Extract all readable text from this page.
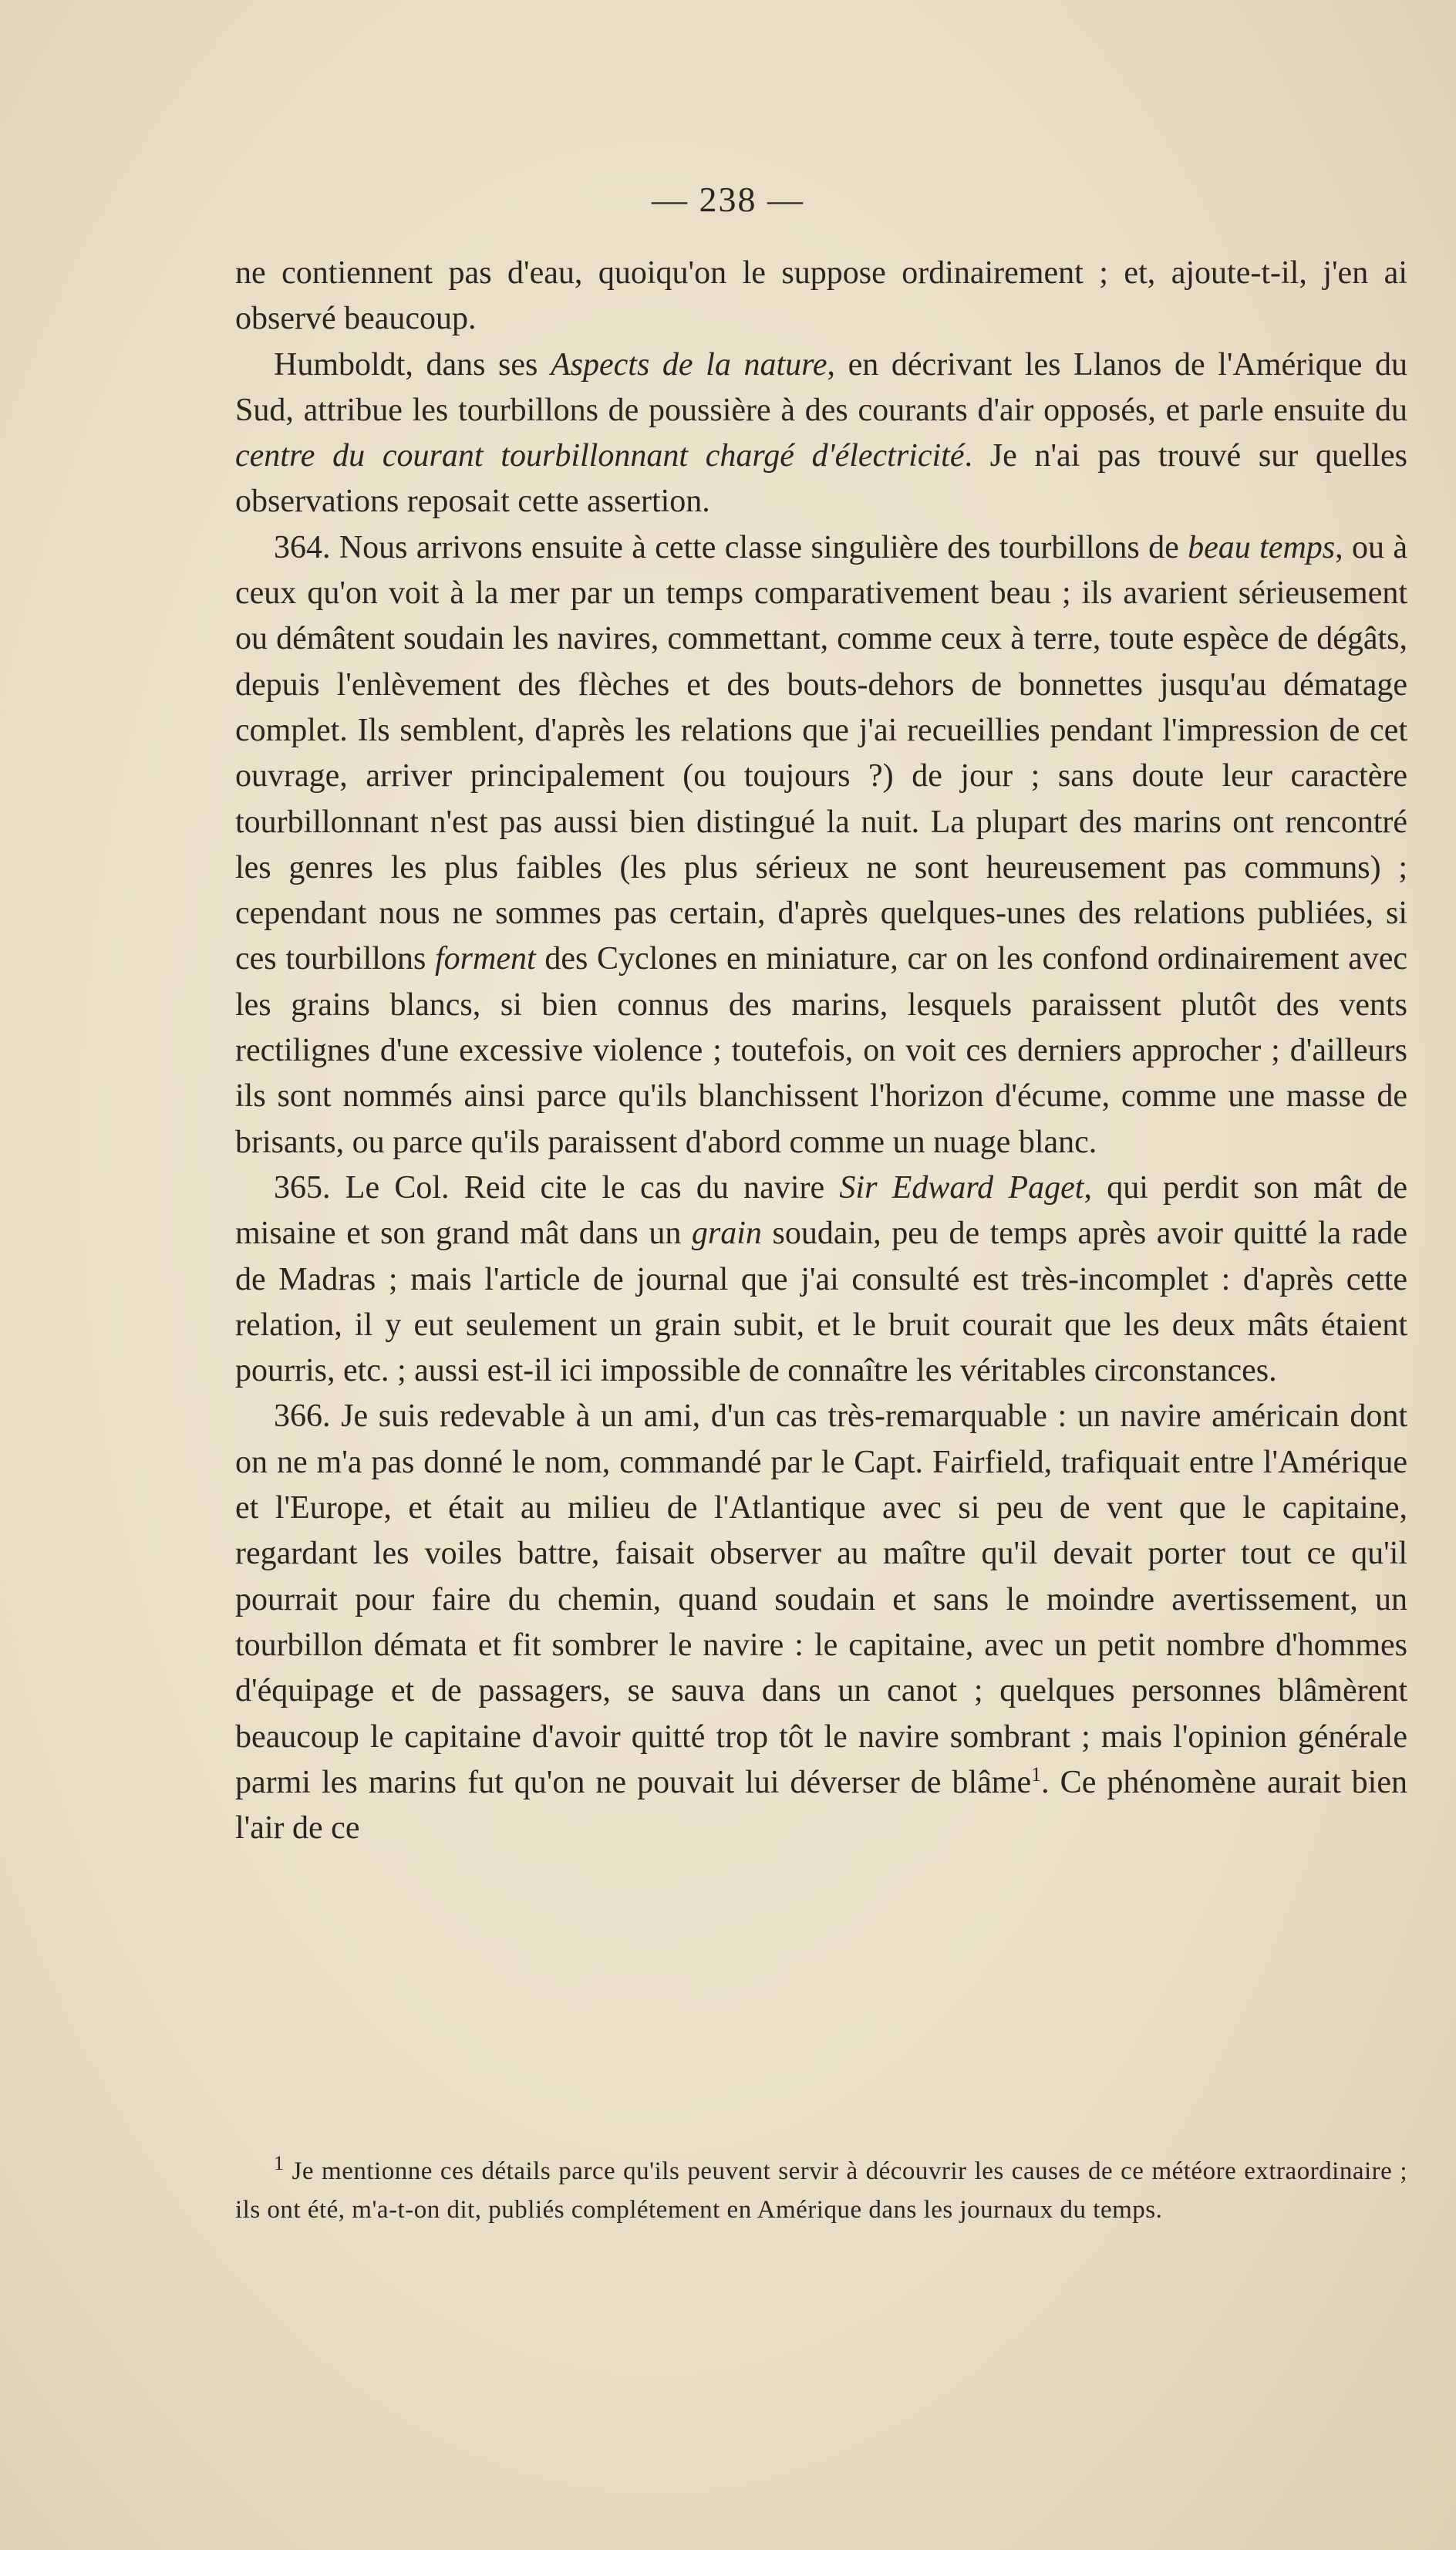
— 238 —

ne contiennent pas d'eau, quoiqu'on le suppose ordinairement ; et, ajoute-t-il, j'en ai observé beaucoup.

Humboldt, dans ses Aspects de la nature, en décrivant les Llanos de l'Amérique du Sud, attribue les tourbillons de poussière à des courants d'air opposés, et parle ensuite du centre du courant tourbillonnant chargé d'électricité. Je n'ai pas trouvé sur quelles observations reposait cette assertion.

364. Nous arrivons ensuite à cette classe singulière des tourbillons de beau temps, ou à ceux qu'on voit à la mer par un temps comparativement beau ; ils avarient sérieusement ou démâtent soudain les navires, commettant, comme ceux à terre, toute espèce de dégâts, depuis l'enlèvement des flèches et des bouts-dehors de bonnettes jusqu'au dématage complet. Ils semblent, d'après les relations que j'ai recueillies pendant l'impression de cet ouvrage, arriver principalement (ou toujours ?) de jour ; sans doute leur caractère tourbillonnant n'est pas aussi bien distingué la nuit. La plupart des marins ont rencontré les genres les plus faibles (les plus sérieux ne sont heureusement pas communs) ; cependant nous ne sommes pas certain, d'après quelques-unes des relations publiées, si ces tourbillons forment des Cyclones en miniature, car on les confond ordinairement avec les grains blancs, si bien connus des marins, lesquels paraissent plutôt des vents rectilignes d'une excessive violence ; toutefois, on voit ces derniers approcher ; d'ailleurs ils sont nommés ainsi parce qu'ils blanchissent l'horizon d'écume, comme une masse de brisants, ou parce qu'ils paraissent d'abord comme un nuage blanc.

365. Le Col. Reid cite le cas du navire Sir Edward Paget, qui perdit son mât de misaine et son grand mât dans un grain soudain, peu de temps après avoir quitté la rade de Madras ; mais l'article de journal que j'ai consulté est très-incomplet : d'après cette relation, il y eut seulement un grain subit, et le bruit courait que les deux mâts étaient pourris, etc. ; aussi est-il ici impossible de connaître les véritables circonstances.

366. Je suis redevable à un ami, d'un cas très-remarquable : un navire américain dont on ne m'a pas donné le nom, commandé par le Capt. Fairfield, trafiquait entre l'Amérique et l'Europe, et était au milieu de l'Atlantique avec si peu de vent que le capitaine, regardant les voiles battre, faisait observer au maître qu'il devait porter tout ce qu'il pourrait pour faire du chemin, quand soudain et sans le moindre avertissement, un tourbillon dématа et fit sombrer le navire : le capitaine, avec un petit nombre d'hommes d'équipage et de passagers, se sauva dans un canot ; quelques personnes blâmèrent beaucoup le capitaine d'avoir quitté trop tôt le navire sombrant ; mais l'opinion générale parmi les marins fut qu'on ne pouvait lui déverser de blâme$^1$. Ce phénomène aurait bien l'air de ce

$^1$ Je mentionne ces détails parce qu'ils peuvent servir à découvrir les causes de ce météore extraordinaire ; ils ont été, m'a-t-on dit, publiés complétement en Amérique dans les journaux du temps.
